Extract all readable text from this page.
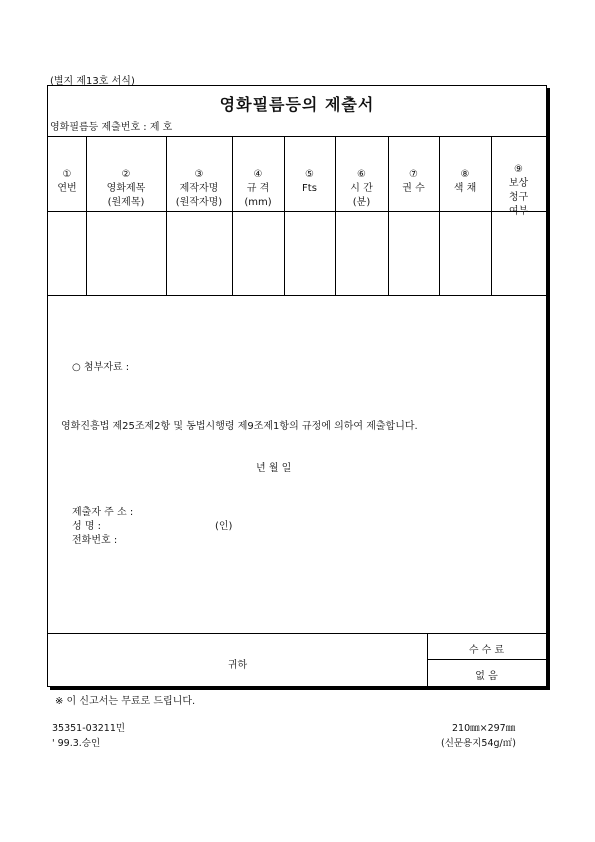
(별지 제13호 서식)
영화필름등의 제출서
영화필름등 제출번호 : 제 호

①
연번

②
영화제목
(원제목)

③
제작자명
(원작자명)

④
규 격
(mm)

⑤
Fts

⑥
시 간
(분)

⑦
권 수

⑧
색 채

⑨
보상
청구
여부

○ 첨부자료 :
영화진흥법 제25조제2항 및 동법시행령 제9조제1항의 규정에 의하여 제출합니다.
년 월 일
제출자 주 소 :
성 명 :	(인)
전화번호 :
귀하
수 수 료
없 음
※ 이 신고서는 무료로 드립니다.
35351-03211민
' 99.3.승인
210㎜×297㎜
(신문용지54g/㎡)
